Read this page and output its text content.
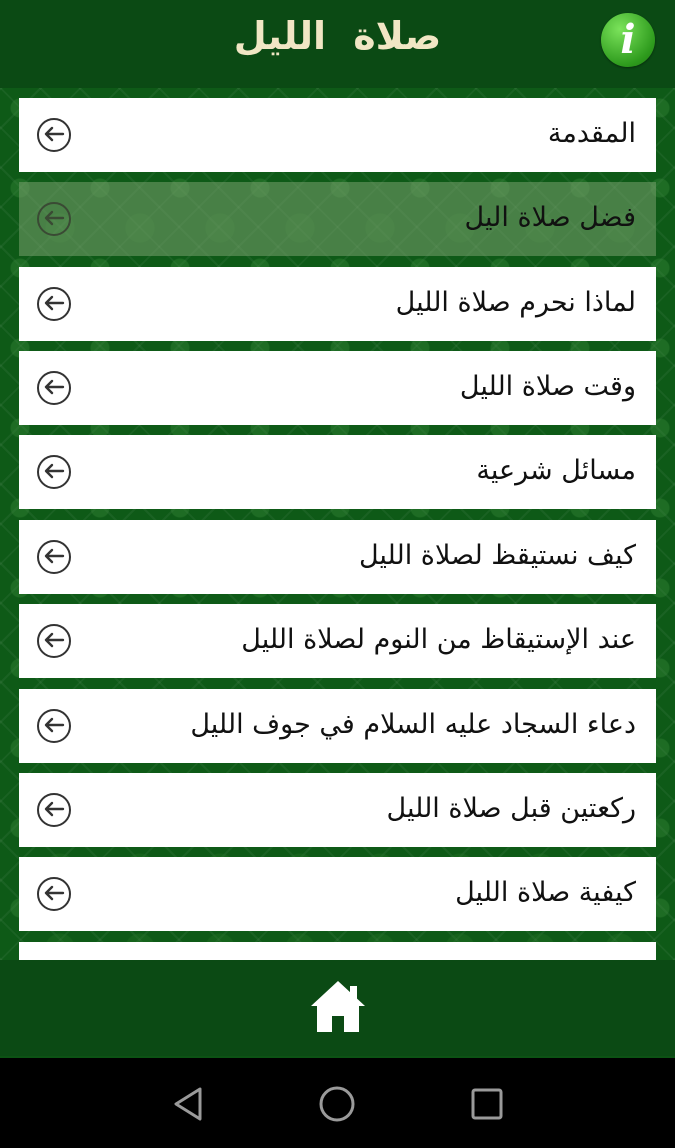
صلاة الليل	i
المقدمة
فضل صلاة اليل
لماذا نحرم صلاة الليل
وقت صلاة الليل
مسائل شرعية
كيف نستيقظ لصلاة الليل
عند الإستيقاظ من النوم لصلاة الليل
دعاء السجاد عليه السلام في جوف الليل
ركعتين قبل صلاة الليل
كيفية صلاة الليل
